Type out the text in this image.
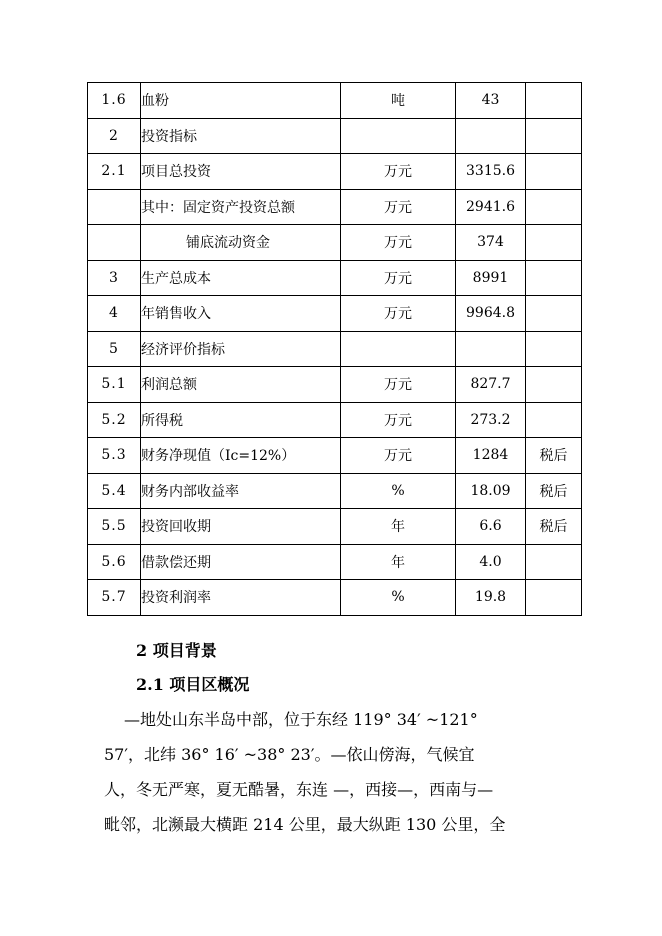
1.6	血粉	吨	43	
2	投资指标			
2.1	项目总投资	万元	3315.6	
	其中：固定资产投资总额	万元	2941.6	
	铺底流动资金	万元	374	
3	生产总成本	万元	8991	
4	年销售收入	万元	9964.8	
5	经济评价指标			
5.1	利润总额	万元	827.7	
5.2	所得税	万元	273.2	
5.3	财务净现值（Ic=12%）	万元	1284	税后
5.4	财务内部收益率	%	18.09	税后
5.5	投资回收期	年	6.6	税后
5.6	借款偿还期	年	4.0	
5.7	投资利润率	%	19.8	
2 项目背景
2.1 项目区概况
—地处山东半岛中部，位于东经 119° 34′ ~121°
57′，北纬 36° 16′ ~38° 23′。—依山傍海，气候宜
人，冬无严寒，夏无酷暑，东连 —，西接—，西南与—
毗邻，北濒最大横距 214 公里，最大纵距 130 公里，全
